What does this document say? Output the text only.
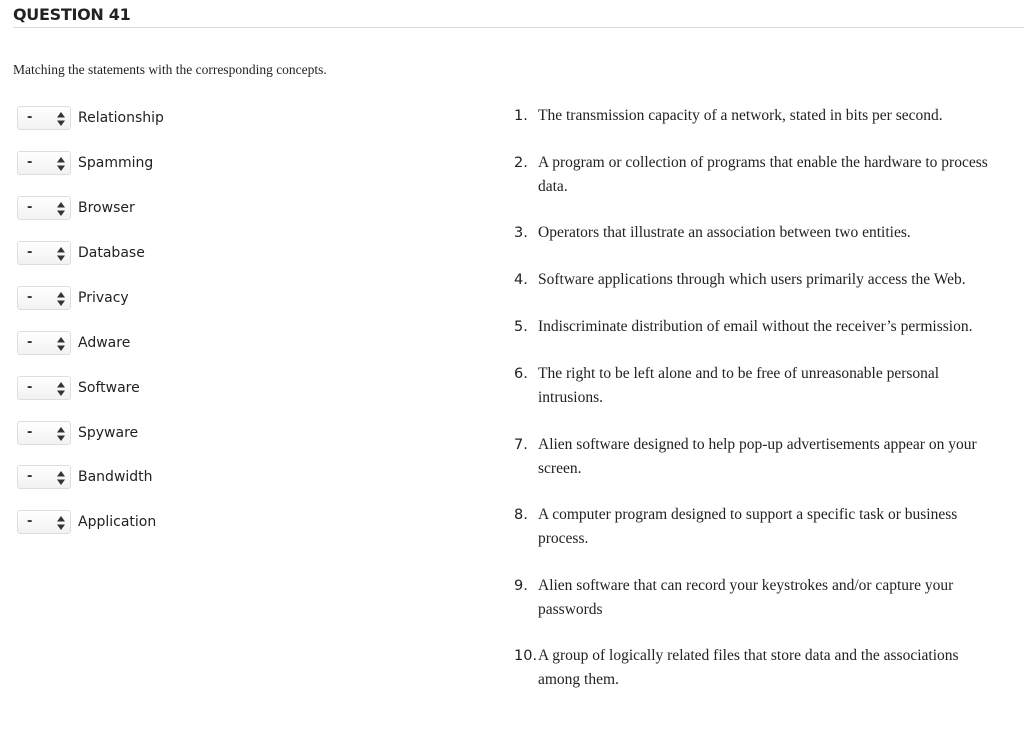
QUESTION 41
Matching the statements with the corresponding concepts.
-	Relationship
-	Spamming
-	Browser
-	Database
-	Privacy
-	Adware
-	Software
-	Spyware
-	Bandwidth
-	Application
1. The transmission capacity of a network, stated in bits per second.
2. A program or collection of programs that enable the hardware to process data.
3. Operators that illustrate an association between two entities.
4. Software applications through which users primarily access the Web.
5. Indiscriminate distribution of email without the receiver’s permission.
6. The right to be left alone and to be free of unreasonable personal intrusions.
7. Alien software designed to help pop-up advertisements appear on your screen.
8. A computer program designed to support a specific task or business process.
9. Alien software that can record your keystrokes and/or capture your passwords
10. A group of logically related files that store data and the associations among them.
